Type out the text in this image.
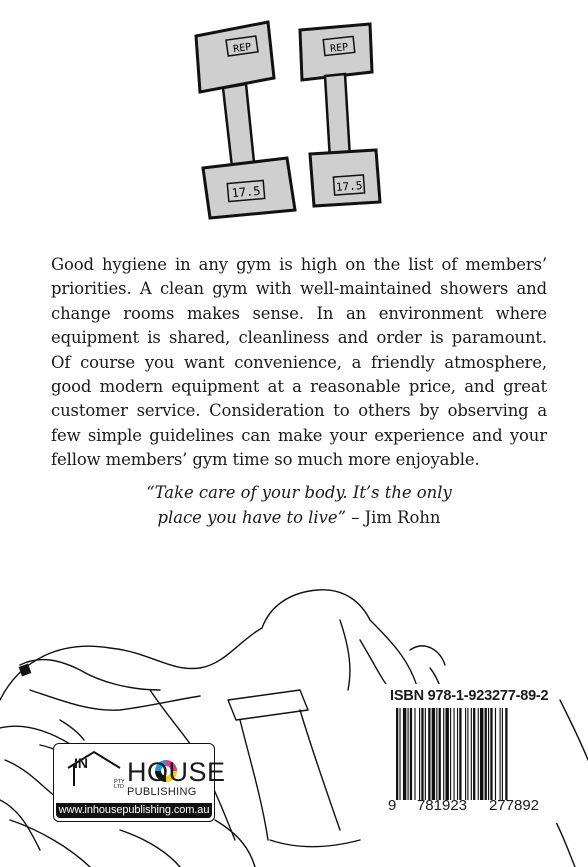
REP
17.5
REP
17.5

Good hygiene in any gym is high on the list of members’ priorities. A clean gym with well-maintained showers and change rooms makes sense. In an environment where equipment is shared, cleanliness and order is paramount. Of course you want convenience, a friendly atmosphere, good modern equipment at a reasonable price, and great customer service. Consideration to others by observing a few simple guidelines can make your experience and your fellow members’ gym time so much more enjoyable.

“Take care of your body. It’s the only
place you have to live” – Jim Rohn

ISBN 978-1-923277-89-2
9	781923	277892
IN HOUSE
PTY LTD PUBLISHING
www.inhousepublishing.com.au
